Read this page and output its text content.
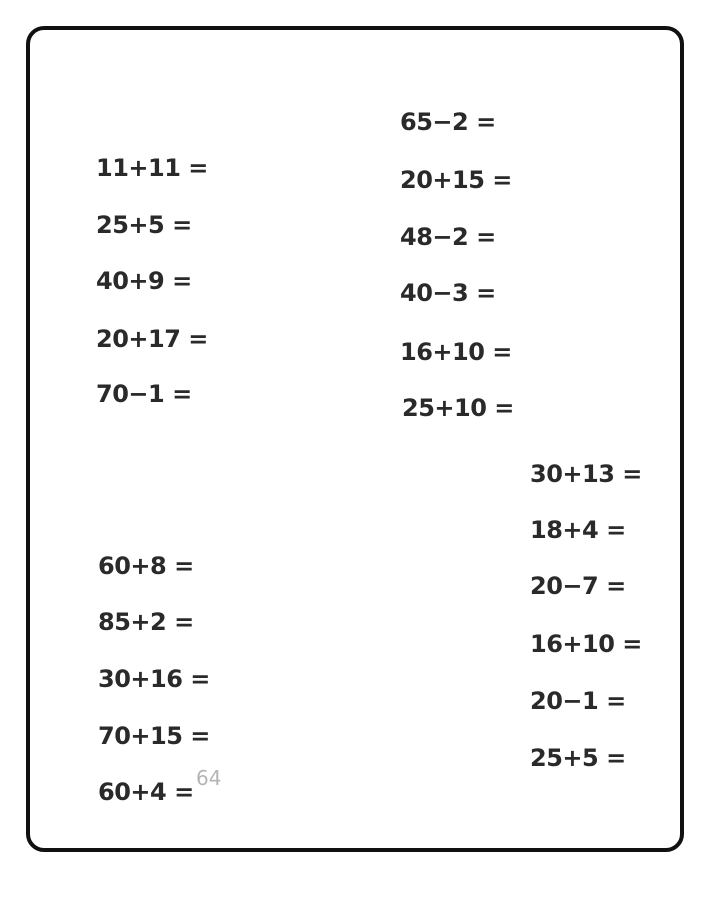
11+11 =
25+5 =
40+9 =
20+17 =
70−1 =
65−2 =
20+15 =
48−2 =
40−3 =
16+10 =
25+10 =
30+13 =
18+4 =
20−7 =
16+10 =
20−1 =
25+5 =
60+8 =
85+2 =
30+16 =
70+15 =
60+4 = 64
